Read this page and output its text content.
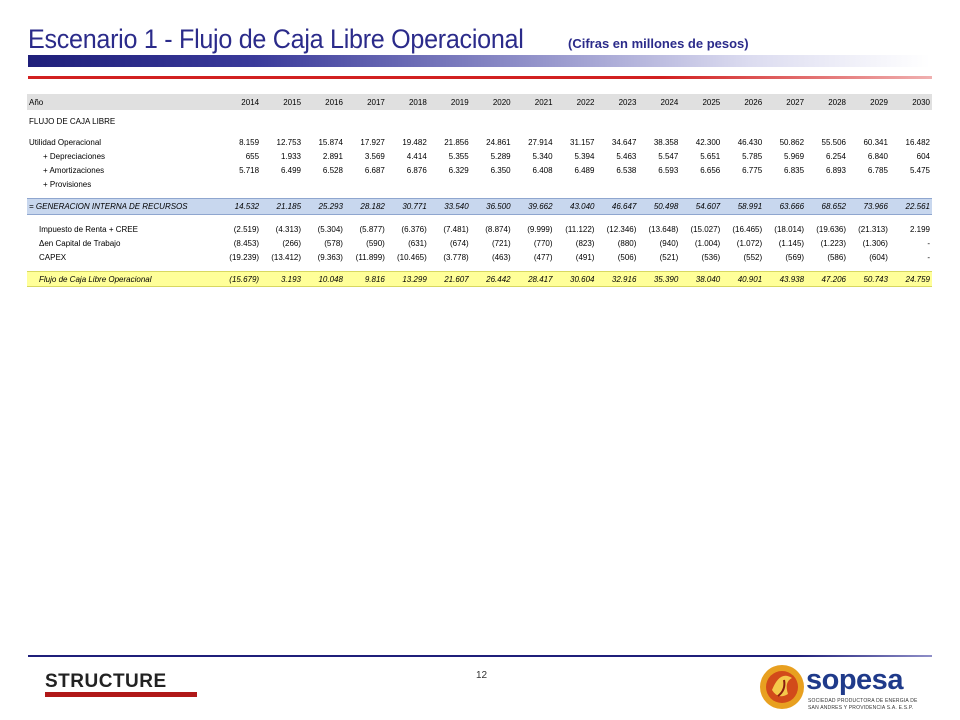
Escenario 1 - Flujo de Caja Libre Operacional	(Cifras en millones de pesos)
Año	2014	2015	2016	2017	2018	2019	2020	2021	2022	2023	2024	2025	2026	2027	2028	2029	2030

FLUJO DE CAJA LIBRE																	

Utilidad Operacional	8.159	12.753	15.874	17.927	19.482	21.856	24.861	27.914	31.157	34.647	38.358	42.300	46.430	50.862	55.506	60.341	16.482
+ Depreciaciones	655	1.933	2.891	3.569	4.414	5.355	5.289	5.340	5.394	5.463	5.547	5.651	5.785	5.969	6.254	6.840	604
+ Amortizaciones	5.718	6.499	6.528	6.687	6.876	6.329	6.350	6.408	6.489	6.538	6.593	6.656	6.775	6.835	6.893	6.785	5.475
+ Provisiones																	

= GENERACION INTERNA DE RECURSOS	14.532	21.185	25.293	28.182	30.771	33.540	36.500	39.662	43.040	46.647	50.498	54.607	58.991	63.666	68.652	73.966	22.561

Impuesto de Renta + CREE	(2.519)	(4.313)	(5.304)	(5.877)	(6.376)	(7.481)	(8.874)	(9.999)	(11.122)	(12.346)	(13.648)	(15.027)	(16.465)	(18.014)	(19.636)	(21.313)	2.199
Δen Capital de Trabajo	(8.453)	(266)	(578)	(590)	(631)	(674)	(721)	(770)	(823)	(880)	(940)	(1.004)	(1.072)	(1.145)	(1.223)	(1.306)	-
CAPEX	(19.239)	(13.412)	(9.363)	(11.899)	(10.465)	(3.778)	(463)	(477)	(491)	(506)	(521)	(536)	(552)	(569)	(586)	(604)	-

Flujo de Caja Libre Operacional	(15.679)	3.193	10.048	9.816	13.299	21.607	26.442	28.417	30.604	32.916	35.390	38.040	40.901	43.938	47.206	50.743	24.759
12
STRUCTURE	sopesa
SOCIEDAD PRODUCTORA DE ENERGIA DE
SAN ANDRES Y PROVIDENCIA S.A. E.S.P.
